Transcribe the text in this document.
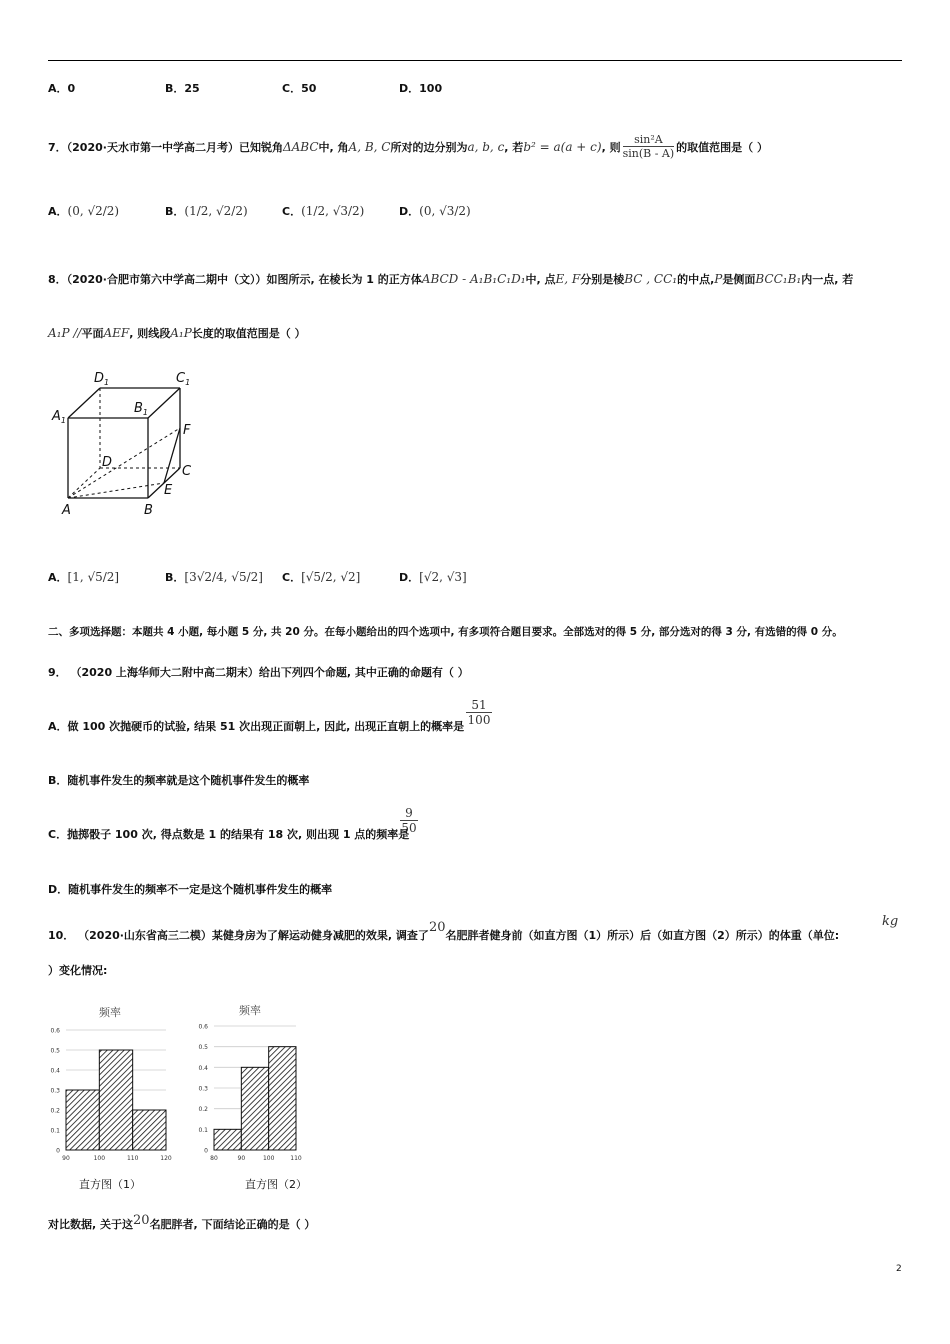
A．0	B．25	C．50	D．100
7．（2020·天水市第一中学高二月考）已知锐角ΔABC中, 角A, B, C所对的边分别为a, b, c, 若b² = a(a + c), 则 $\frac{\text{sin²A}}{\sin(B - A)}$ 的取值范围是（ ）
A．(0, √2/2)	B．(1/2, √2/2)	C．(1/2, √3/2)	D．(0, √3/2)
8．（2020·合肥市第六中学高二期中（文））如图所示, 在棱长为 1 的正方体ABCD - A₁B₁C₁D₁中, 点E, F分别是棱BC , CC₁的中点,P是侧面BCC₁B₁内一点, 若
A₁P //平面AEF, 则线段A₁P长度的取值范围是（ ）
$D_1$	$C_1$
$A_1$
$B_1$
F
D
C
E
A	B
A．[1, √5/2]	B．[3√2/4, √5/2] C．[√5/2, √2]	D．[√2, √3]
二、多项选择题：本题共 4 小题, 每小题 5 分, 共 20 分。在每小题给出的四个选项中, 有多项符合题目要求。全部选对的得 5 分, 部分选对的得 3 分, 有选错的得 0 分。
9． （2020 上海华师大二附中高二期末）给出下列四个命题, 其中正确的命题有（ ）
A．做 100 次抛硬币的试验, 结果 51 次出现正面朝上, 因此, 出现正直朝上的概率是
51
100
B．随机事件发生的频率就是这个随机事件发生的概率
C．抛掷骰子 100 次, 得点数是 1 的结果有 18 次, 则出现 1 点的频率是
9
50
D．随机事件发生的频率不一定是这个随机事件发生的概率
10． （2020·山东省高三二模）某健身房为了解运动健身减肥的效果, 调查了$^{20}$名肥胖者健身前（如直方图（1）所示）后（如直方图（2）所示）的体重（单位:
kg
）变化情况:
0
0.1
0.2
0.3
0.4
0.5
0.6
90	100	110	120
频率
直方图（1）
0
0.1
0.2
0.3
0.4
0.5
0.6
80	90	100	110
频率
直方图（2）
对比数据, 关于这$^{20}$名肥胖者, 下面结论正确的是（ ）
2
